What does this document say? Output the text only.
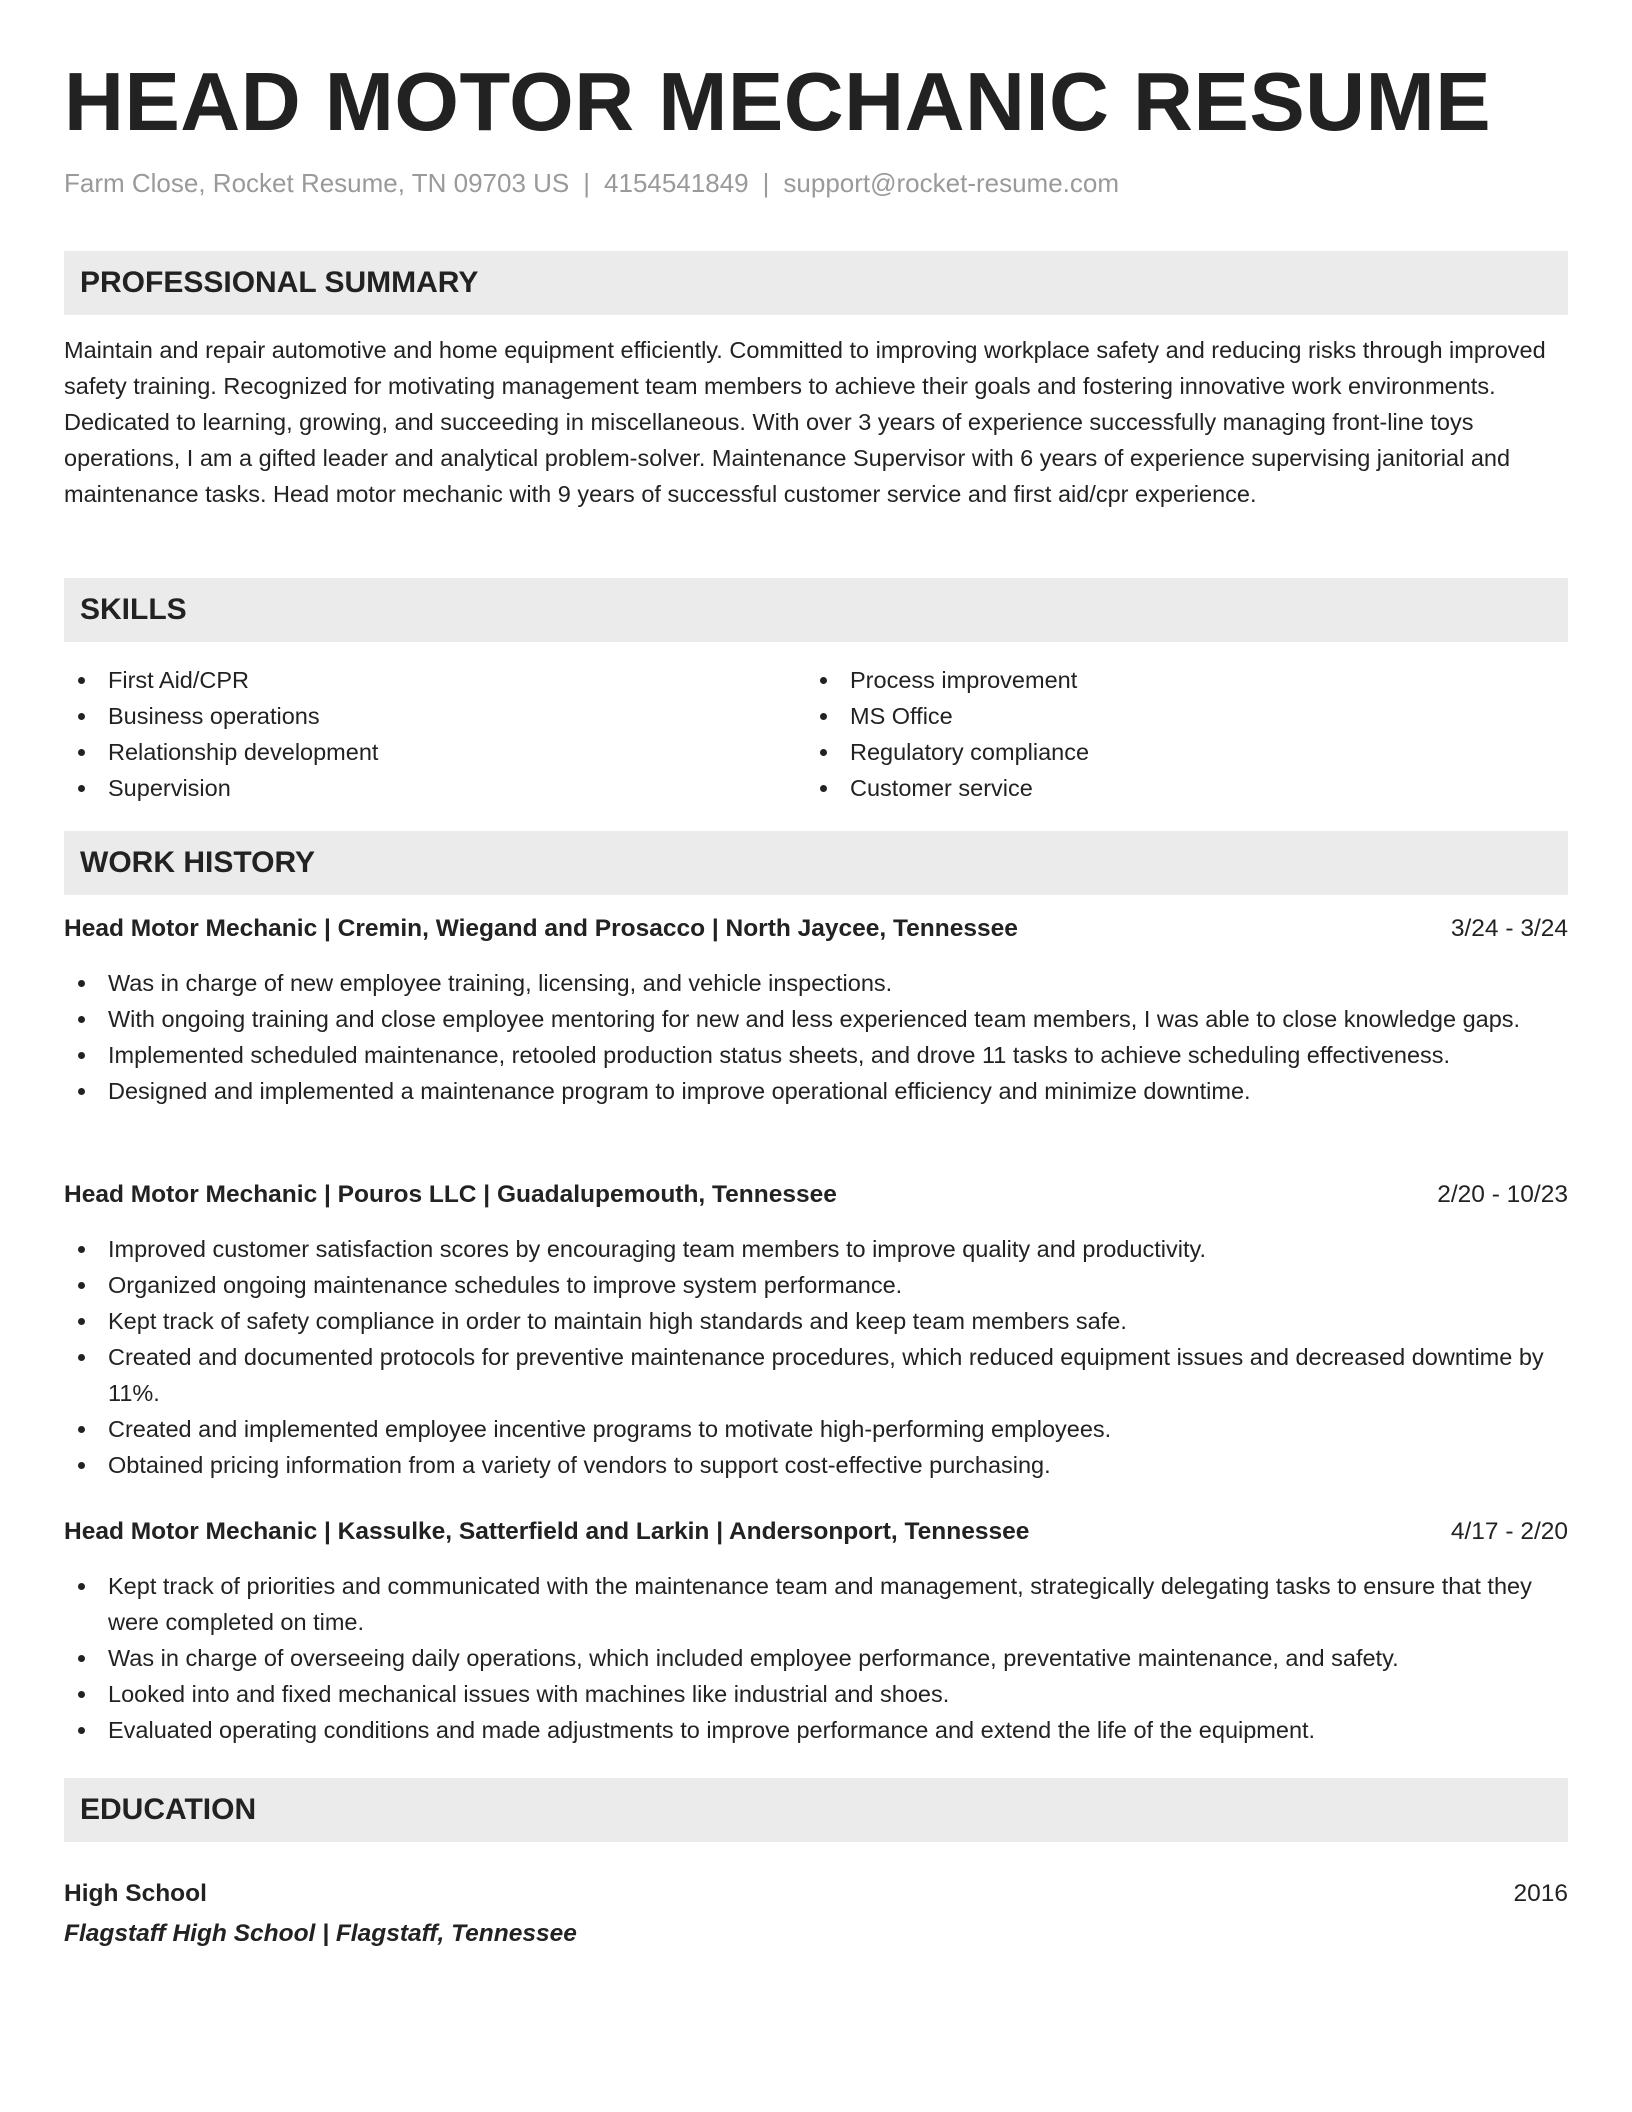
HEAD MOTOR MECHANIC RESUME
Farm Close, Rocket Resume, TN 09703 US | 4154541849 | support@rocket-resume.com
PROFESSIONAL SUMMARY

Maintain and repair automotive and home equipment efficiently. Committed to improving workplace safety and reducing risks through improved safety training. Recognized for motivating management team members to achieve their goals and fostering innovative work environments. Dedicated to learning, growing, and succeeding in miscellaneous. With over 3 years of experience successfully managing front-line toys operations, I am a gifted leader and analytical problem-solver. Maintenance Supervisor with 6 years of experience supervising janitorial and maintenance tasks. Head motor mechanic with 9 years of successful customer service and first aid/cpr experience.

SKILLS
First Aid/CPR
Business operations
Relationship development
Supervision
Process improvement
MS Office
Regulatory compliance
Customer service
WORK HISTORY
Head Motor Mechanic | Cremin, Wiegand and Prosacco | North Jaycee, Tennessee	3/24 - 3/24
Was in charge of new employee training, licensing, and vehicle inspections.
With ongoing training and close employee mentoring for new and less experienced team members, I was able to close knowledge gaps.
Implemented scheduled maintenance, retooled production status sheets, and drove 11 tasks to achieve scheduling effectiveness.
Designed and implemented a maintenance program to improve operational efficiency and minimize downtime.
Head Motor Mechanic | Pouros LLC | Guadalupemouth, Tennessee	2/20 - 10/23
Improved customer satisfaction scores by encouraging team members to improve quality and productivity.
Organized ongoing maintenance schedules to improve system performance.
Kept track of safety compliance in order to maintain high standards and keep team members safe.
Created and documented protocols for preventive maintenance procedures, which reduced equipment issues and decreased downtime by 11%.
Created and implemented employee incentive programs to motivate high-performing employees.
Obtained pricing information from a variety of vendors to support cost-effective purchasing.
Head Motor Mechanic | Kassulke, Satterfield and Larkin | Andersonport, Tennessee	4/17 - 2/20
Kept track of priorities and communicated with the maintenance team and management, strategically delegating tasks to ensure that they were completed on time.
Was in charge of overseeing daily operations, which included employee performance, preventative maintenance, and safety.
Looked into and fixed mechanical issues with machines like industrial and shoes.
Evaluated operating conditions and made adjustments to improve performance and extend the life of the equipment.
EDUCATION
High School	2016
Flagstaff High School | Flagstaff, Tennessee
